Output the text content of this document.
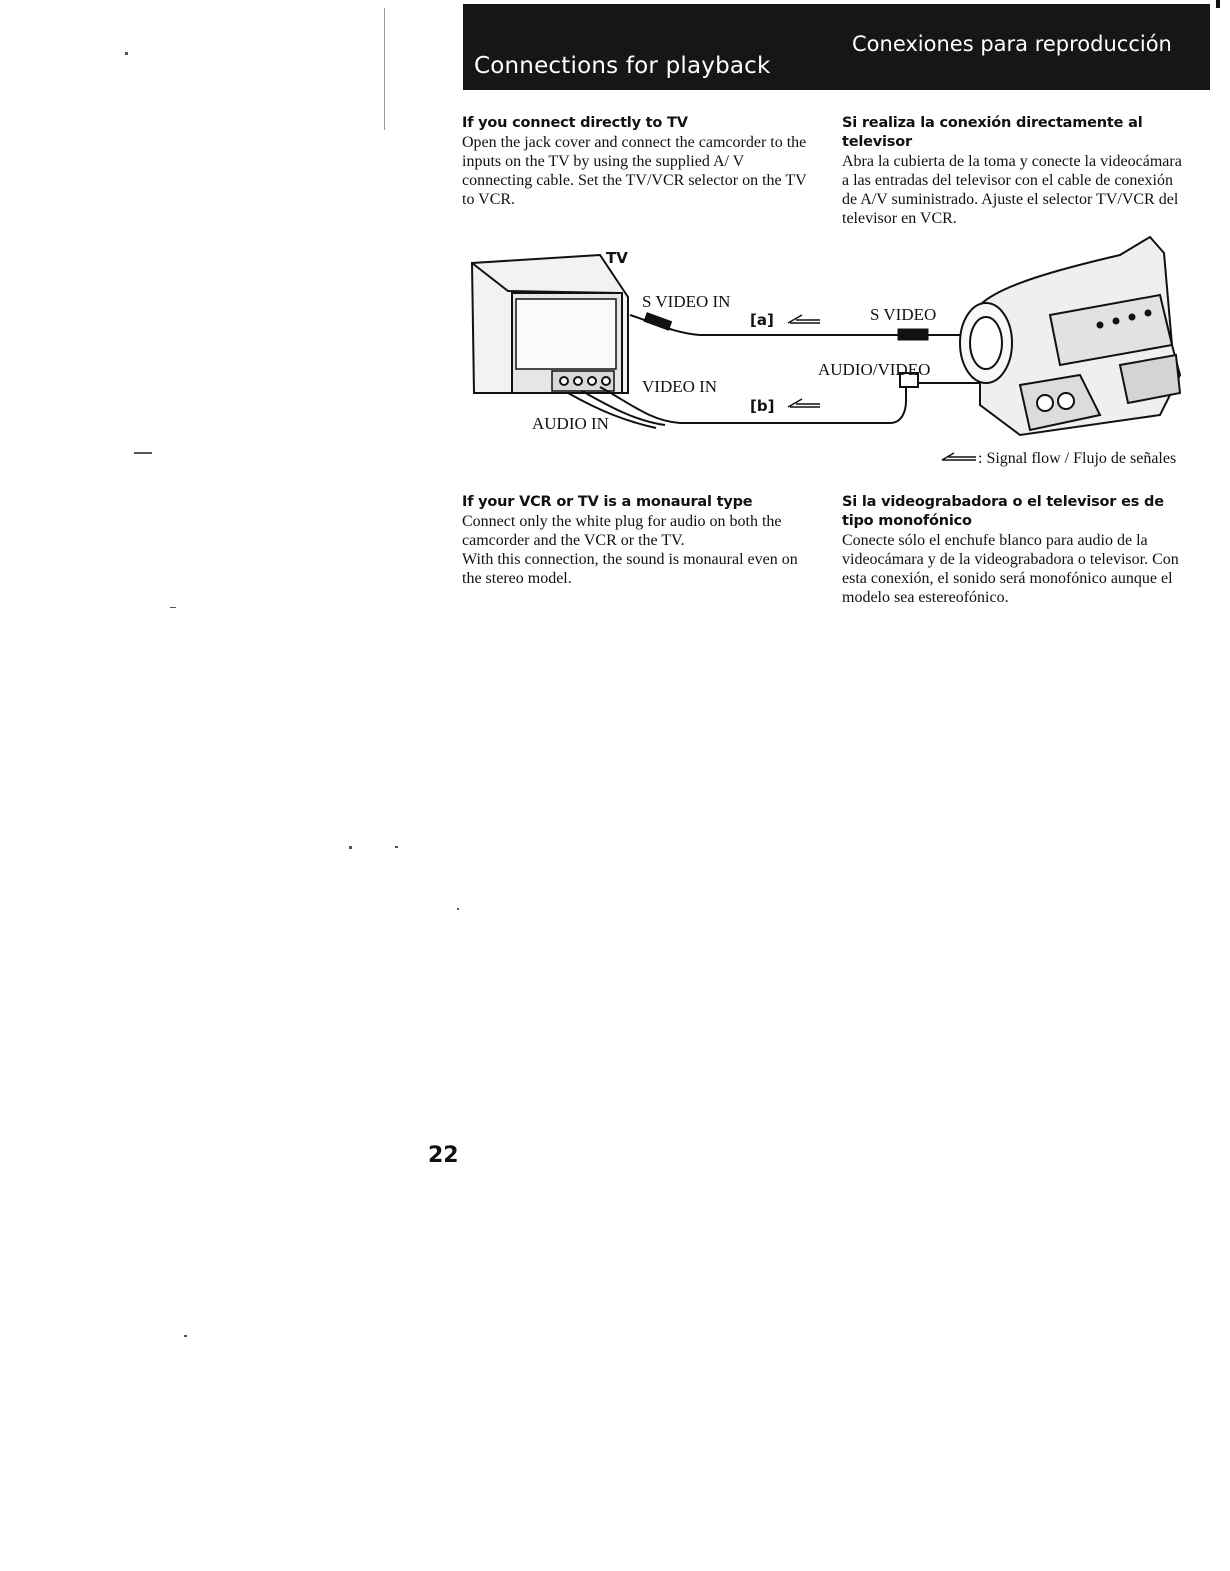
Connections for playback
Conexiones para reproducción
If you connect directly to TV
Open the jack cover and connect the camcorder to the inputs on the TV by using the supplied A/ V connecting cable. Set the TV/VCR selector on the TV to VCR.
Si realiza la conexión directamente al televisor
Abra la cubierta de la toma y conecte la videocámara a las entradas del televisor con el cable de conexión de A/V suministrado. Ajuste el selector TV/VCR del televisor en VCR.
TV
S VIDEO IN
VIDEO IN
AUDIO IN
[a]
[b]
S VIDEO
AUDIO/VIDEO
: Signal flow / Flujo de señales
If your VCR or TV is a monaural type
Connect only the white plug for audio on both the camcorder and the VCR or the TV.
With this connection, the sound is monaural even on the stereo model.
Si la videograbadora o el televisor es de tipo monofónico
Conecte sólo el enchufe blanco para audio de la videocámara y de la videograbadora o televisor. Con esta conexión, el sonido será monofónico aunque el modelo sea estereofónico.
22
